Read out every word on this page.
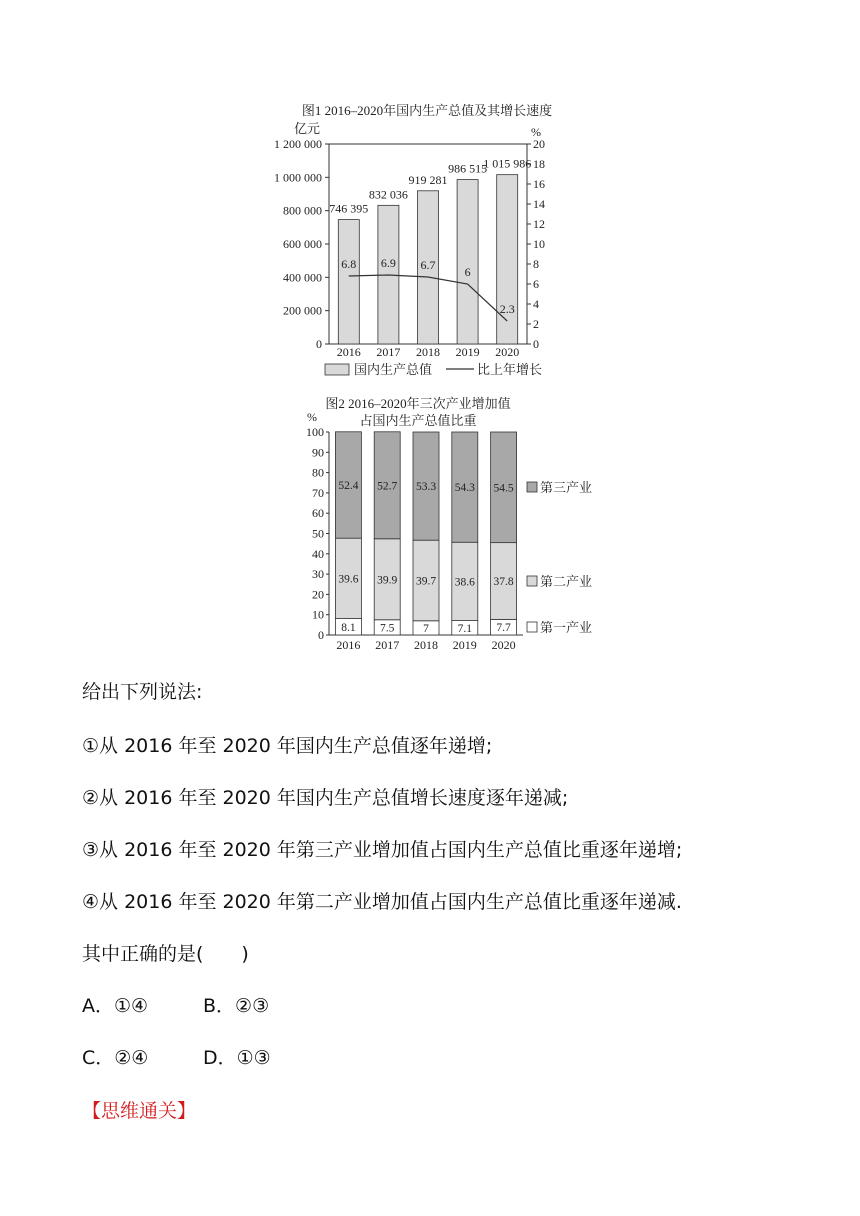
图1 2016–2020年国内生产总值及其增长速度
亿元	%
0
200 000
400 000
600 000
800 000
1 000 000
1 200 000
0
2
4
6
8
10
12
14
16
18
20
746 395
832 036
919 281
986 515
1 015 986
6.8 6.9 6.7 6
2.3
2016 2017 2018 2019 2020
国内生产总值	比上年增长
图2 2016–2020年三次产业增加值
占国内生产总值比重
%
0
10
20
30
40
50
60
70
80
90
100
8.1
39.6
52.4
7.5
39.9
52.7
7
39.7
53.3
7.1
38.6
54.3
7.7
37.8
54.5
2016 2017 2018 2019 2020
第一产业
第二产业
第三产业
给出下列说法:
①从 2016 年至 2020 年国内生产总值逐年递增;
②从 2016 年至 2020 年国内生产总值增长速度逐年递减;
③从 2016 年至 2020 年第三产业增加值占国内生产总值比重逐年递增;
④从 2016 年至 2020 年第二产业增加值占国内生产总值比重逐年递减.
其中正确的是(　　)
A．①④	B．②③
C．②④	D．①③
【思维通关】
